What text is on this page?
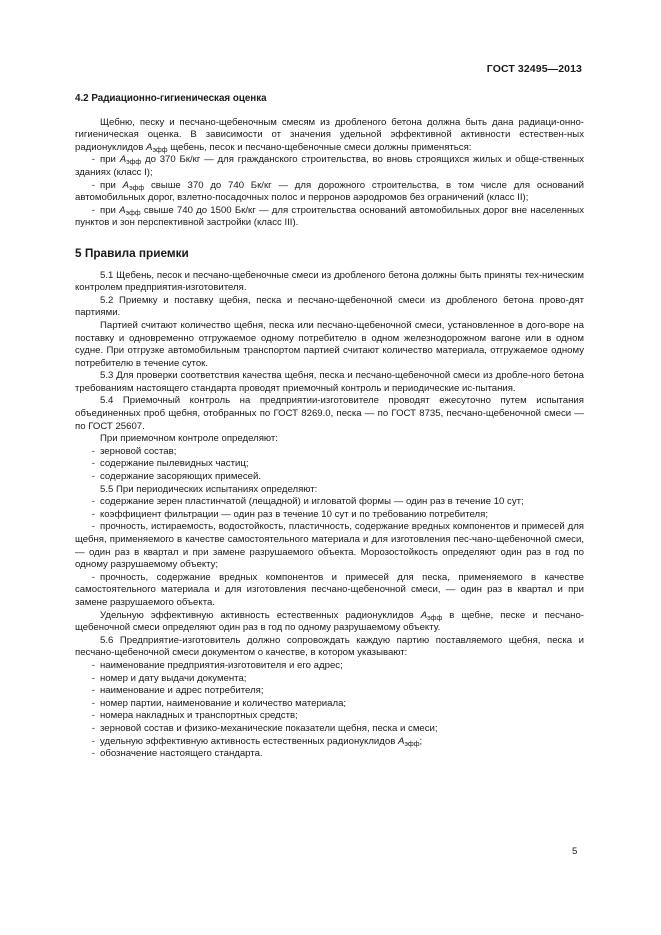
ГОСТ 32495—2013
4.2 Радиационно-гигиеническая оценка

Щебню, песку и песчано-щебеночным смесям из дробленого бетона должна быть дана радиаци-онно-гигиеническая оценка. В зависимости от значения удельной эффективной активности естествен-ных радионуклидов $А_{эфф}$ щебень, песок и песчано-щебеночные смеси должны применяться:

- при $А_{эфф}$ до 370 Бк/кг — для гражданского строительства, во вновь строящихся жилых и обще-ственных зданиях (класс I);

- при $А_{эфф}$ свыше 370 до 740 Бк/кг — для дорожного строительства, в том числе для оснований автомобильных дорог, взлетно-посадочных полос и перронов аэродромов без ограничений (класс II);

- при $А_{эфф}$ свыше 740 до 1500 Бк/кг — для строительства оснований автомобильных дорог вне населенных пунктов и зон перспективной застройки (класс III).

5 Правила приемки

5.1 Щебень, песок и песчано-щебеночные смеси из дробленого бетона должны быть приняты тех-ническим контролем предприятия-изготовителя.

5.2 Приемку и поставку щебня, песка и песчано-щебеночной смеси из дробленого бетона прово-дят партиями.

Партией считают количество щебня, песка или песчано-щебеночной смеси, установленное в дого-воре на поставку и одновременно отгружаемое одному потребителю в одном железнодорожном вагоне или в одном судне. При отгрузке автомобильным транспортом партией считают количество материала, отгружаемое одному потребителю в течение суток.

5.3 Для проверки соответствия качества щебня, песка и песчано-щебеночной смеси из дробле-ного бетона требованиям настоящего стандарта проводят приемочный контроль и периодические ис-пытания.

5.4 Приемочный контроль на предприятии-изготовителе проводят ежесуточно путем испытания объединенных проб щебня, отобранных по ГОСТ 8269.0, песка — по ГОСТ 8735, песчано-щебеночной смеси — по ГОСТ 25607.

При приемочном контроле определяют:

- зерновой состав;

- содержание пылевидных частиц;

- содержание засоряющих примесей.

5.5 При периодических испытаниях определяют:

- содержание зерен пластинчатой (лещадной) и игловатой формы — один раз в течение 10 сут;

- коэффициент фильтрации — один раз в течение 10 сут и по требованию потребителя;

- прочность, истираемость, водостойкость, пластичность, содержание вредных компонентов и примесей для щебня, применяемого в качестве самостоятельного материала и для изготовления пес-чано-щебеночной смеси, — один раз в квартал и при замене разрушаемого объекта. Морозостойкость определяют один раз в год по одному разрушаемому объекту;

- прочность, содержание вредных компонентов и примесей для песка, применяемого в качестве самостоятельного материала и для изготовления песчано-щебеночной смеси, — один раз в квартал и при замене разрушаемого объекта.

Удельную эффективную активность естественных радионуклидов $А_{эфф}$ в щебне, песке и песчано-щебеночной смеси определяют один раз в год по одному разрушаемому объекту.

5.6 Предприятие-изготовитель должно сопровождать каждую партию поставляемого щебня, песка и песчано-щебеночной смеси документом о качестве, в котором указывают:

- наименование предприятия-изготовителя и его адрес;

- номер и дату выдачи документа;

- наименование и адрес потребителя;

- номер партии, наименование и количество материала;

- номера накладных и транспортных средств;

- зерновой состав и физико-механические показатели щебня, песка и смеси;

- удельную эффективную активность естественных радионуклидов $А_{эфф}$;

- обозначение настоящего стандарта.

5
